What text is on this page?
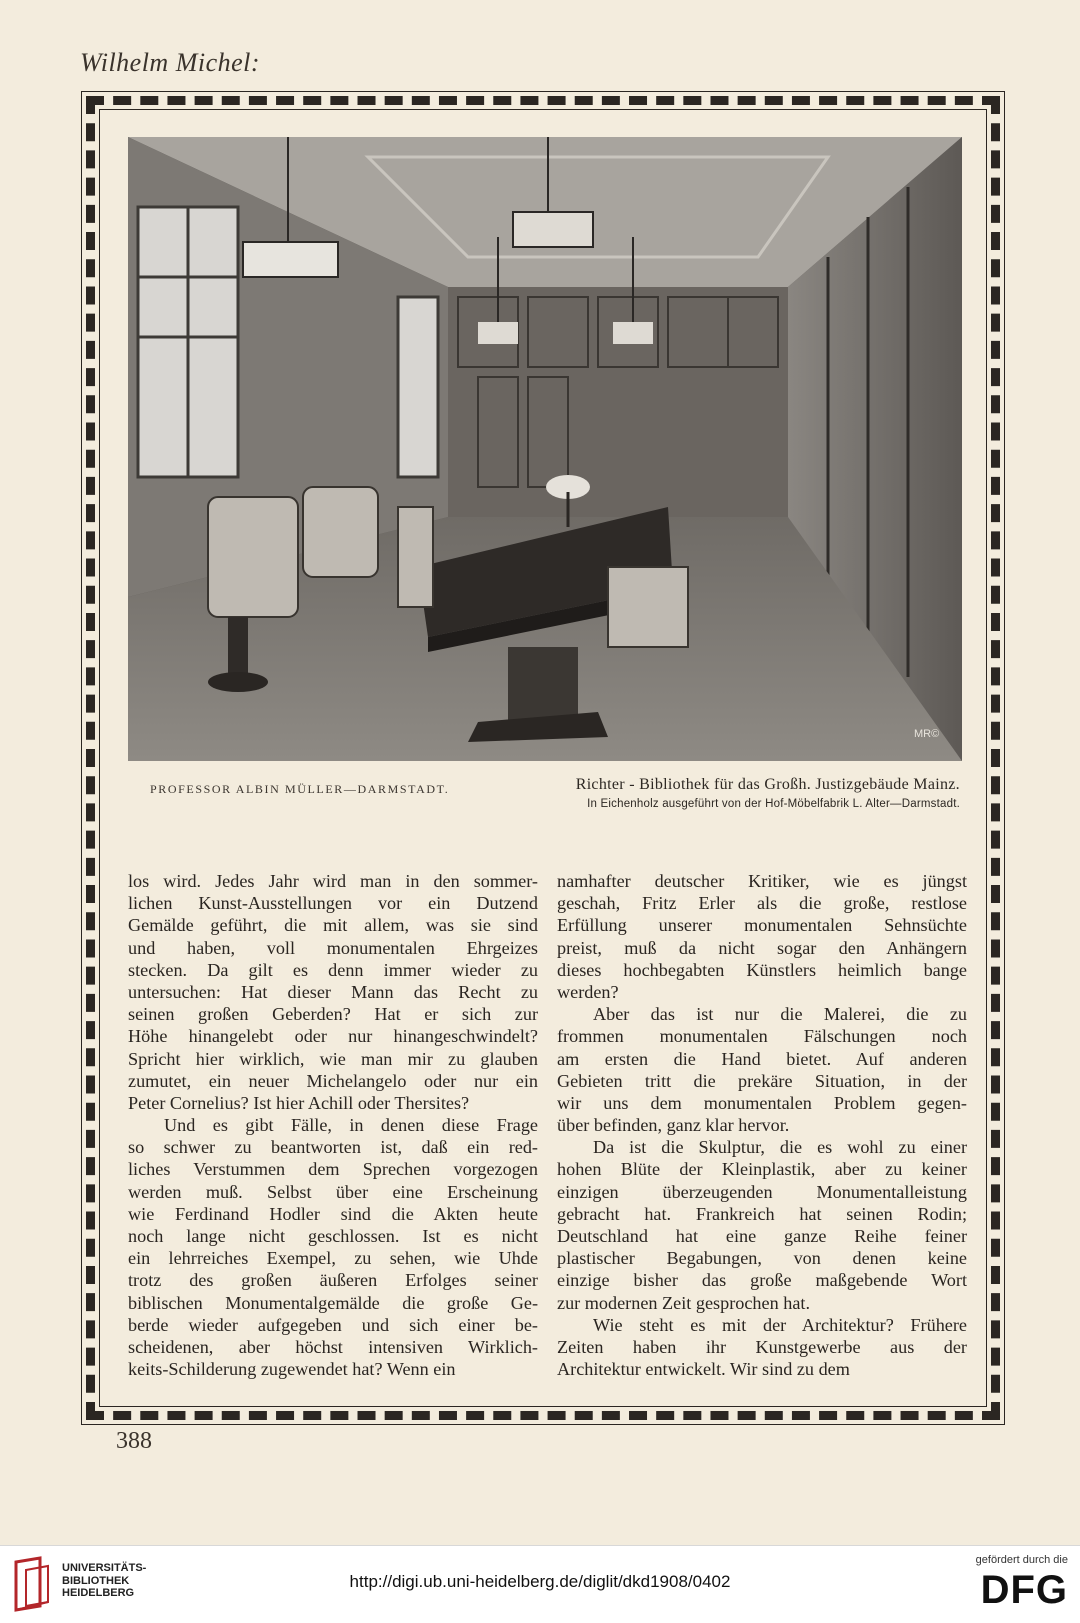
Wilhelm Michel:
MR©
PROFESSOR ALBIN MÜLLER—DARMSTADT.	Richter - Bibliothek für das Großh. Justizgebäude Mainz.
In Eichenholz ausgeführt von der Hof-Möbelfabrik L. Alter—Darmstadt.
los wird. Jedes Jahr wird man in den sommer-
lichen Kunst-Ausstellungen vor ein Dutzend
Gemälde geführt, die mit allem, was sie sind
und haben, voll monumentalen Ehrgeizes
stecken. Da gilt es denn immer wieder zu
untersuchen: Hat dieser Mann das Recht zu
seinen großen Geberden? Hat er sich zur
Höhe hinangelebt oder nur hinangeschwindelt?
Spricht hier wirklich, wie man mir zu glauben
zumutet, ein neuer Michelangelo oder nur ein
Peter Cornelius? Ist hier Achill oder Thersites?
Und es gibt Fälle, in denen diese Frage
so schwer zu beantworten ist, daß ein red-
liches Verstummen dem Sprechen vorgezogen
werden muß. Selbst über eine Erscheinung
wie Ferdinand Hodler sind die Akten heute
noch lange nicht geschlossen. Ist es nicht
ein lehrreiches Exempel, zu sehen, wie Uhde
trotz des großen äußeren Erfolges seiner
biblischen Monumentalgemälde die große Ge-
berde wieder aufgegeben und sich einer be-
scheidenen, aber höchst intensiven Wirklich-
keits-Schilderung zugewendet hat? Wenn ein
namhafter deutscher Kritiker, wie es jüngst
geschah, Fritz Erler als die große, restlose
Erfüllung unserer monumentalen Sehnsüchte
preist, muß da nicht sogar den Anhängern
dieses hochbegabten Künstlers heimlich bange
werden?
Aber das ist nur die Malerei, die zu
frommen monumentalen Fälschungen noch
am ersten die Hand bietet. Auf anderen
Gebieten tritt die prekäre Situation, in der
wir uns dem monumentalen Problem gegen-
über befinden, ganz klar hervor.
Da ist die Skulptur, die es wohl zu einer
hohen Blüte der Kleinplastik, aber zu keiner
einzigen überzeugenden Monumentalleistung
gebracht hat. Frankreich hat seinen Rodin;
Deutschland hat eine ganze Reihe feiner
plastischer Begabungen, von denen keine
einzige bisher das große maßgebende Wort
zur modernen Zeit gesprochen hat.
Wie steht es mit der Architektur? Frühere
Zeiten haben ihr Kunstgewerbe aus der
Architektur entwickelt. Wir sind zu dem
388
UNIVERSITÄTS-
BIBLIOTHEK
HEIDELBERG
http://digi.ub.uni-heidelberg.de/diglit/dkd1908/0402
gefördert durch die
DFG
